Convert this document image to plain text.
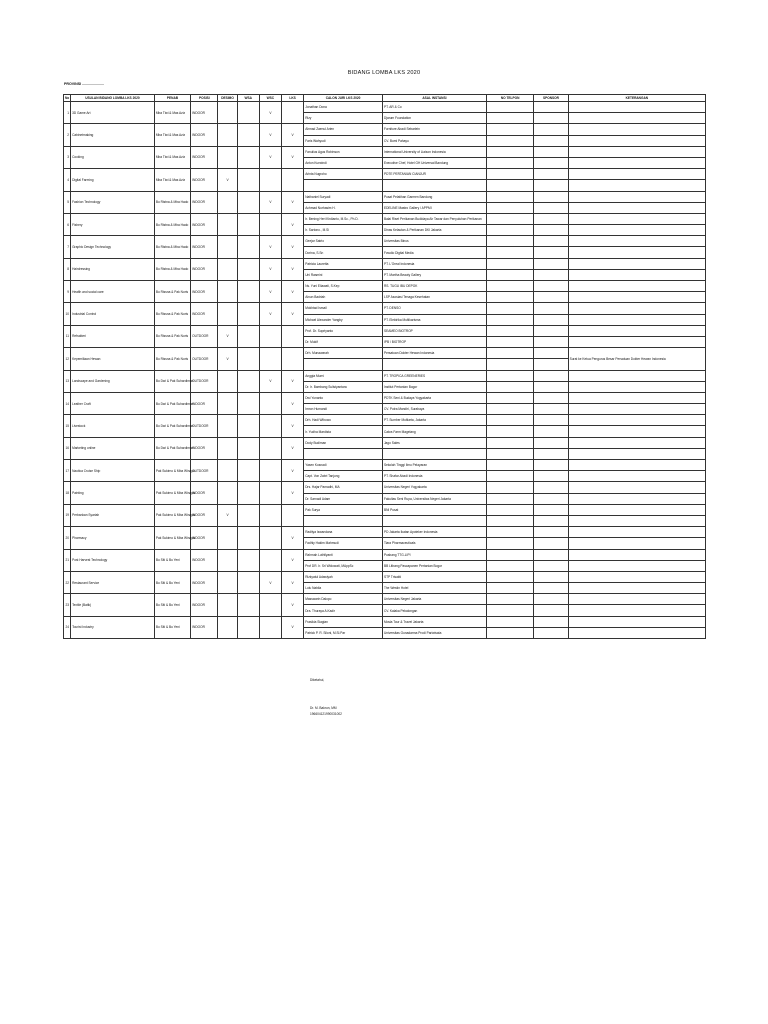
BIDANG LOMBA LKS 2020
PROVINSI ......................
No	USULAN BIDANG LOMBA LKS 2020	PENAB	POSISI	DESIMO	WSA	WSC	LKS	CALON JURI LKS 2020	ASAL INSTANSI	NO TELPON	SPONSOR	KETERANGAN
1	3D Game Art	Mba Tiwi & Mas Aziz	INDOOR			V		Jonathan Dona	PT. AR & Co			
								Rizy	Djarum Foundation			
2	Cabinetmaking	Mba Tiwi & Mas Aziz	INDOOR			V	V	Ahmad Zaenul Arien	Furniture Abadi Sebarlein			
								Faris Wahyudi	CV. Bumi Pahayu			
3	Cooking	Mba Tiwi & Mas Aziz	INDOOR			V	V	Fanulius Agus Robinson	International University of Liaison Indonesia			
								Anton Kurwindi	Executive Chef, Hotel GH Universal Bandung			
4	Digital Farming	Mba Tiwi & Mas Aziz	INDOOR	V				Arinta Nugroho	PDTE PERTANIAN CIANJUR			

5	Fashion Technology	Bu Ristna & Mba Hado	INDOOR			V	V	Nathaniel Suryadi	Pusat Pelatihan Garmen Bandung			
								Achmad Nurhasim H.	EDELINE Mastro Gallery / APPMI			
6	Fishery	Bu Ristna & Mba Hado	INDOOR				V	Ir. Bening Heri Kirdianto, M.Sc., Ph.D.	Balai Riset Perikanan Budidaya Air Tawar dan Penyuluhan Perikanan			
								Ir. Sartono., M.Si	Dinas Kelautan & Perikanan DKI Jakarta			
7	Graphic Design Technology	Bu Ristna & Mba Hado	INDOOR			V	V	Geejar Satrio	Universitas Binus			
								Dorina, S.Sn	Fowdio Digital Media			
8	Hairdressing	Bu Ristna & Mba Hado	INDOOR			V	V	Patricia Lauretta	PT. L'Oreal Indonesia			
								Uni Rasmini	PT. Martha Beauty Gallery			
9	Health and social care	Bu Rissna & Pak Noris	INDOOR			V	V	Ns. Yuni Eliawati, S.Kep	RS. TUGU IBU DEPOK			
								Ainun Badriah	LSP Asosiasi Tenaga Kesehatan			
10	Industrial Control	Bu Rissna & Pak Noris	INDOOR			V	V	Mokhtad Ismail	PT. DENSO			
								Michael Alexander Yangby	PT. Elektrika Multikarisma			
11	Refrakteri	Bu Rissna & Pak Noris	OUTDOOR	V				Prof. Dr. Supriyanto	SEAMEO BIOTROP			
								Dr. Mukif	IPB / BIOTROP			
12	Kepemiliaan Hewan	Bu Rissna & Pak Noris	OUTDOOR	V				Drh. Munawarah	Persatuan Dokter Hewan Indonesia			Surat ke Ketua Pengurus Besar Persatuan Dokter Hewan Indonesia

13	Landscape and Gardening	Bu Dwi & Pak Suhardiman	OUTDOOR			V	V	Anggia Murni	PT. TROPICA GREENERIES			
								Dr. Ir. Bambang Sulistyantara	Institut Pertanian Bogor			
14	Leather Craft	Bu Dwi & Pak Suhardiman	INDOOR				V	Dwi Yunanto	PDTK Seni & Budaya Yogyakarta			
								Imron Humandi	CV. Putra Mandiri, Surabaya			
15	Livestock	Bu Dwi & Pak Suhardiman	OUTDOOR				V	Drh. Hadi Wibowo	PT. Sumber Multiarta, Jakarta			
								Ir. Yudha Mardista	Cakra Farm Magelang			
16	Marketing online	Bu Dwi & Pak Suhardiman	INDOOR				V	Dody Budiman	Jago Sales			

17	Nautica Cruise Ship	Pak Sukirno & Mba Winaya	OUTDOOR				V	Yasen Kosnadi	Sekolah Tinggi Ilmu Pelayaran			
								Capt. Von Zabri Tanjung	PT. Shafar Abadi Indonesia			
18	Painting	Pak Sukirno & Mba Winaya	INDOOR				V	Drs. Hajar Pamadhi, MA	Universitas Negeri Yogyakarta			
								Dr. Sarnadi Adam	Fakultas Seni Rupa, Universitas Negeri Jakarta			
19	Perbankan Syariah	Pak Sukirno & Mba Winaya	INDOOR	V				Pak Surya	BNI Pusat			

20	Pharmacy	Pak Sukirno & Mba Winaya	INDOOR				V	Raditya Iswandana	PD Jakarta Ikatan Apoteker Indonesia			
								Fadhly Hakim Mahmudi	Tiara Pharmaceuticals			
21	Post Harvest Technology	Bu Siti & Bu Yeni	INDOOR				V	Rahmah Luthfiyanti	Pusbang TTG-LIPI			
								Prof DR. Ir. Sri Widowati, MAppSc	BB Litbang Pascapanen Pertanian Bogor			
22	Restaurant Service	Bu Siti & Bu Yeni	INDOOR			V	V	Rizkyatul Adawiyah	STP Trisakti			
								Lulu Nabila	The Westin Hotel			
23	Textile (Batik)	Bu Siti & Bu Yeni	INDOOR				V	Masswarin Dalopo	Universitas Negeri Jakarta			
								Dra. Thuraya A.Kadir	CV. Kalaka Pekalongan			
24	Tourist Industry	Bu Siti & Bu Yeni	INDOOR				V	Frasikia Siagian	Mosla Tour & Travel Jakarta			
								Patrick P. R. Siloni, M.Si.Par	Universitas Gunadarma Prodi Pariwisata			
Diketahui,
Dr. M. Bakrun, MM
196604121990031002
